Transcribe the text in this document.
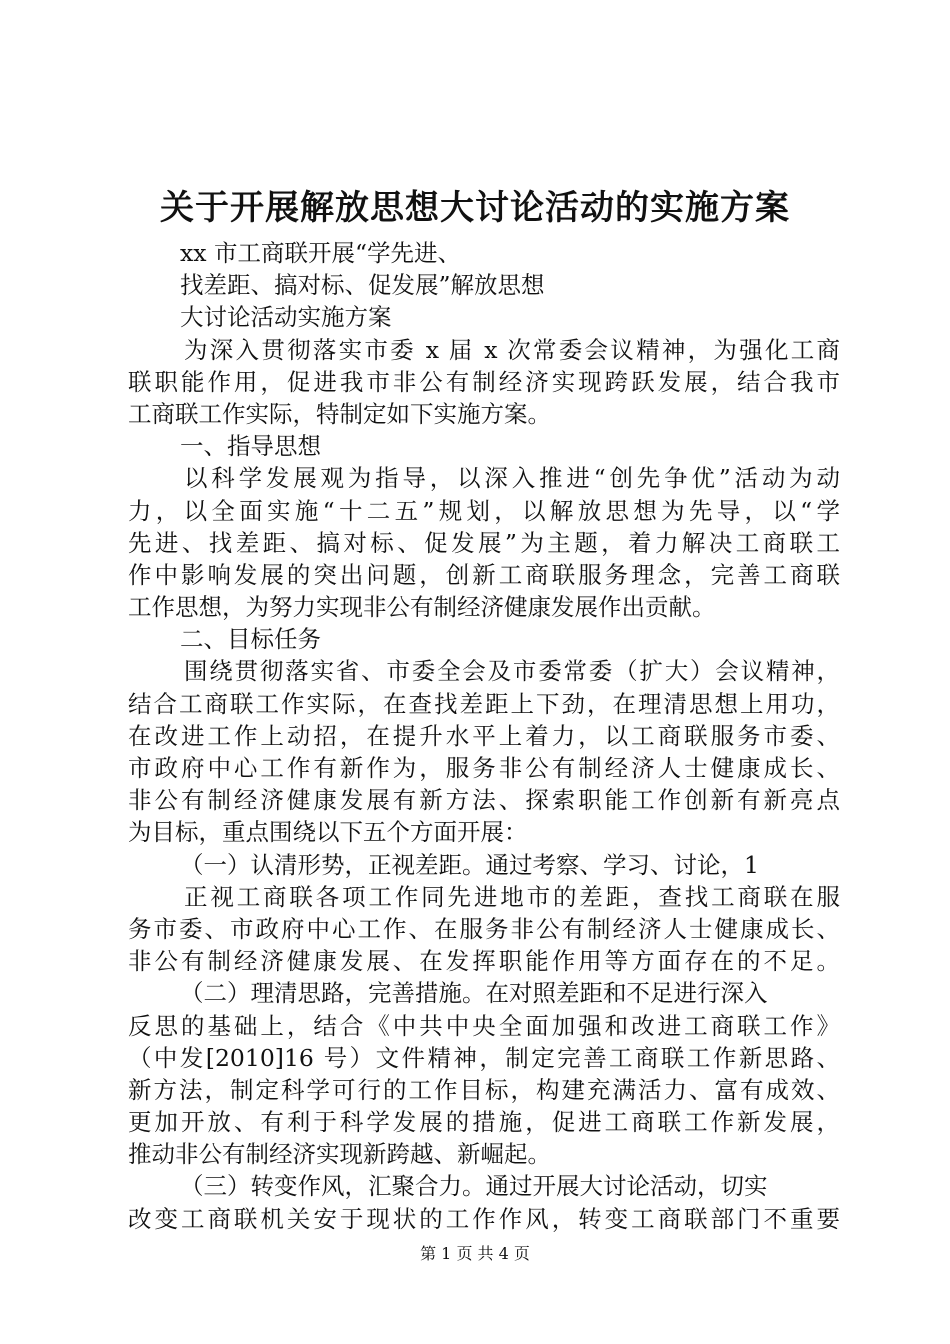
关于开展解放思想大讨论活动的实施方案
xx 市工商联开展“学先进、
找差距、搞对标、促发展”解放思想
大讨论活动实施方案
为深入贯彻落实市委 x 届 x 次常委会议精神，为强化工商
联职能作用，促进我市非公有制经济实现跨跃发展，结合我市
工商联工作实际，特制定如下实施方案。
一、指导思想
以科学发展观为指导，以深入推进“创先争优”活动为动
力，以全面实施“十二五”规划，以解放思想为先导，以“学
先进、找差距、搞对标、促发展”为主题，着力解决工商联工
作中影响发展的突出问题，创新工商联服务理念，完善工商联
工作思想，为努力实现非公有制经济健康发展作出贡献。
二、目标任务
围绕贯彻落实省、市委全会及市委常委（扩大）会议精神，
结合工商联工作实际，在查找差距上下劲，在理清思想上用功，
在改进工作上动招，在提升水平上着力，以工商联服务市委、
市政府中心工作有新作为，服务非公有制经济人士健康成长、
非公有制经济健康发展有新方法、探索职能工作创新有新亮点
为目标，重点围绕以下五个方面开展：
（一）认清形势，正视差距。通过考察、学习、讨论，1
正视工商联各项工作同先进地市的差距，查找工商联在服
务市委、市政府中心工作、在服务非公有制经济人士健康成长、
非公有制经济健康发展、在发挥职能作用等方面存在的不足。
（二）理清思路，完善措施。在对照差距和不足进行深入
反思的基础上，结合《中共中央全面加强和改进工商联工作》
（中发[2010]16 号）文件精神，制定完善工商联工作新思路、
新方法，制定科学可行的工作目标，构建充满活力、富有成效、
更加开放、有利于科学发展的措施，促进工商联工作新发展，
推动非公有制经济实现新跨越、新崛起。
（三）转变作风，汇聚合力。通过开展大讨论活动，切实
改变工商联机关安于现状的工作作风，转变工商联部门不重要
第 1 页 共 4 页
